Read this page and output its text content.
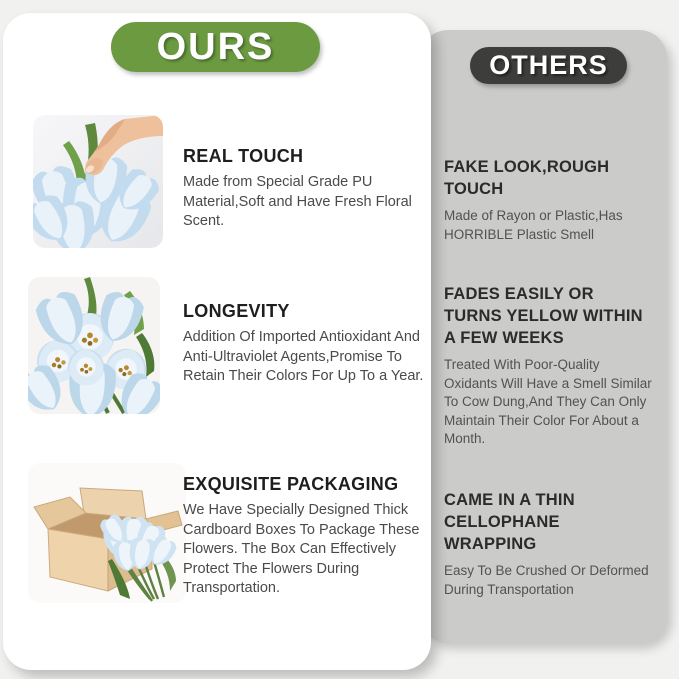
OURS	OTHERS
REAL TOUCH

Made from Special Grade PU Material,Soft and Have Fresh Floral Scent.

LONGEVITY

Addition Of Imported Antioxidant And Anti-Ultraviolet Agents,Promise To Retain Their Colors For Up To a Year.

EXQUISITE PACKAGING

We Have Specially Designed Thick Cardboard Boxes To Package These Flowers. The Box Can Effectively Protect The Flowers During Transportation.

FAKE LOOK,ROUGH TOUCH

Made of Rayon or Plastic,Has HORRIBLE Plastic Smell

FADES EASILY OR TURNS YELLOW WITHIN A FEW WEEKS

Treated With Poor-Quality Oxidants Will Have a Smell Similar To Cow Dung,And They Can Only Maintain Their Color For About a Month.

CAME IN A THIN CELLOPHANE WRAPPING

Easy To Be Crushed Or Deformed During Transportation
